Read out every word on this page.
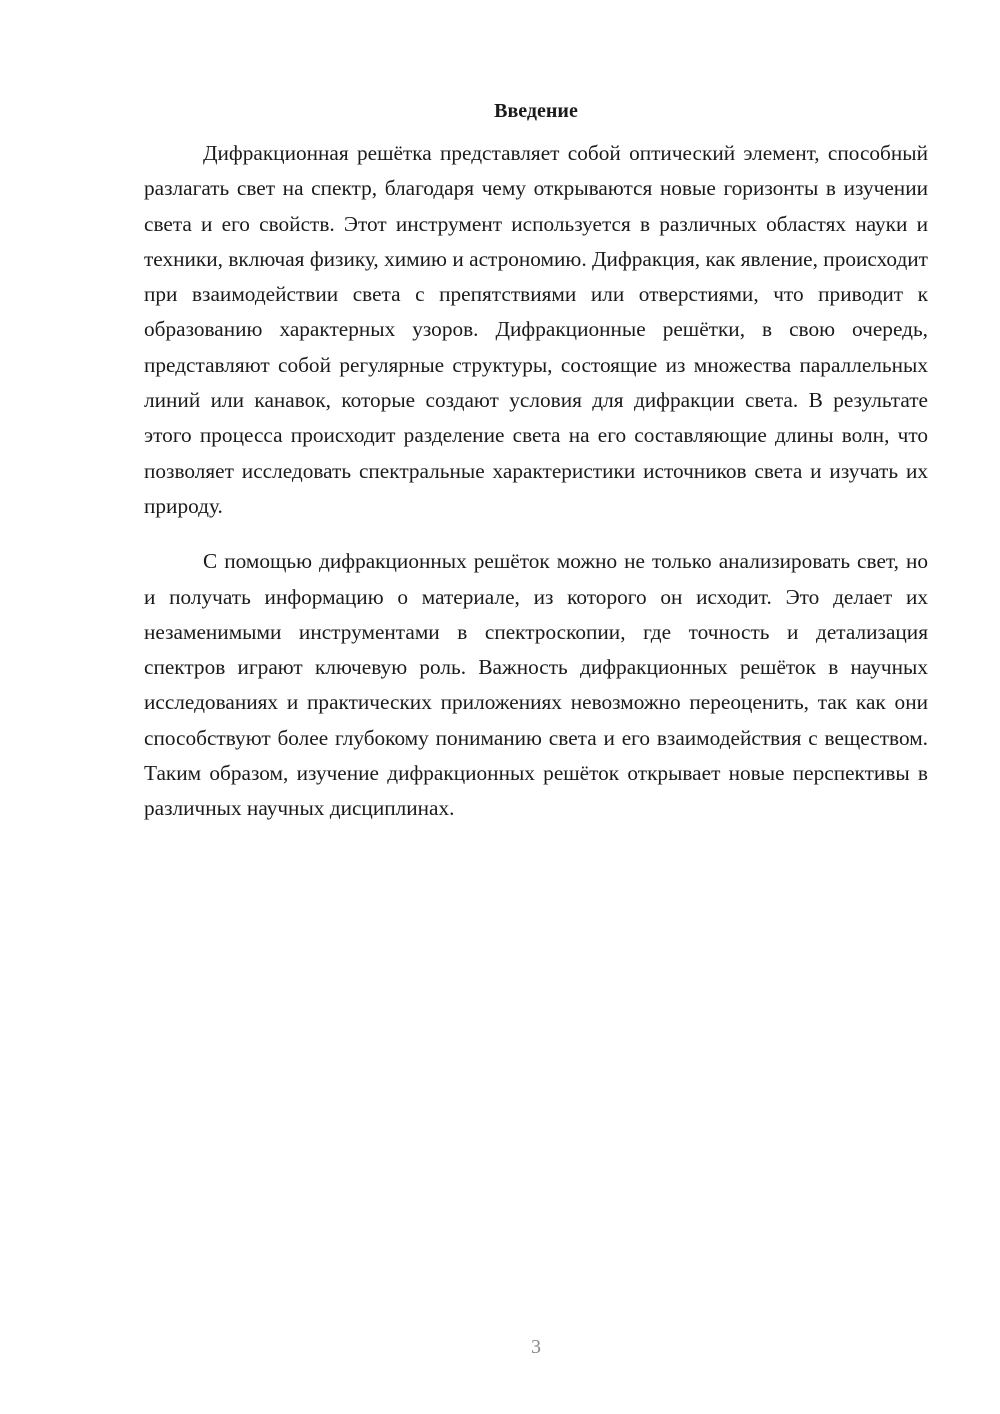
Введение

Дифракционная решётка представляет собой оптический элемент, способный разлагать свет на спектр, благодаря чему открываются новые горизонты в изучении света и его свойств. Этот инструмент используется в различных областях науки и техники, включая физику, химию и астрономию. Дифракция, как явление, происходит при взаимодействии света с препятствиями или отверстиями, что приводит к образованию характерных узоров. Дифракционные решётки, в свою очередь, представляют собой регулярные структуры, состоящие из множества параллельных линий или канавок, которые создают условия для дифракции света. В результате этого процесса происходит разделение света на его составляющие длины волн, что позволяет исследовать спектральные характеристики источников света и изучать их природу.

С помощью дифракционных решёток можно не только анализировать свет, но и получать информацию о материале, из которого он исходит. Это делает их незаменимыми инструментами в спектроскопии, где точность и детализация спектров играют ключевую роль. Важность дифракционных решёток в научных исследованиях и практических приложениях невозможно переоценить, так как они способствуют более глубокому пониманию света и его взаимодействия с веществом. Таким образом, изучение дифракционных решёток открывает новые перспективы в различных научных дисциплинах.

3
